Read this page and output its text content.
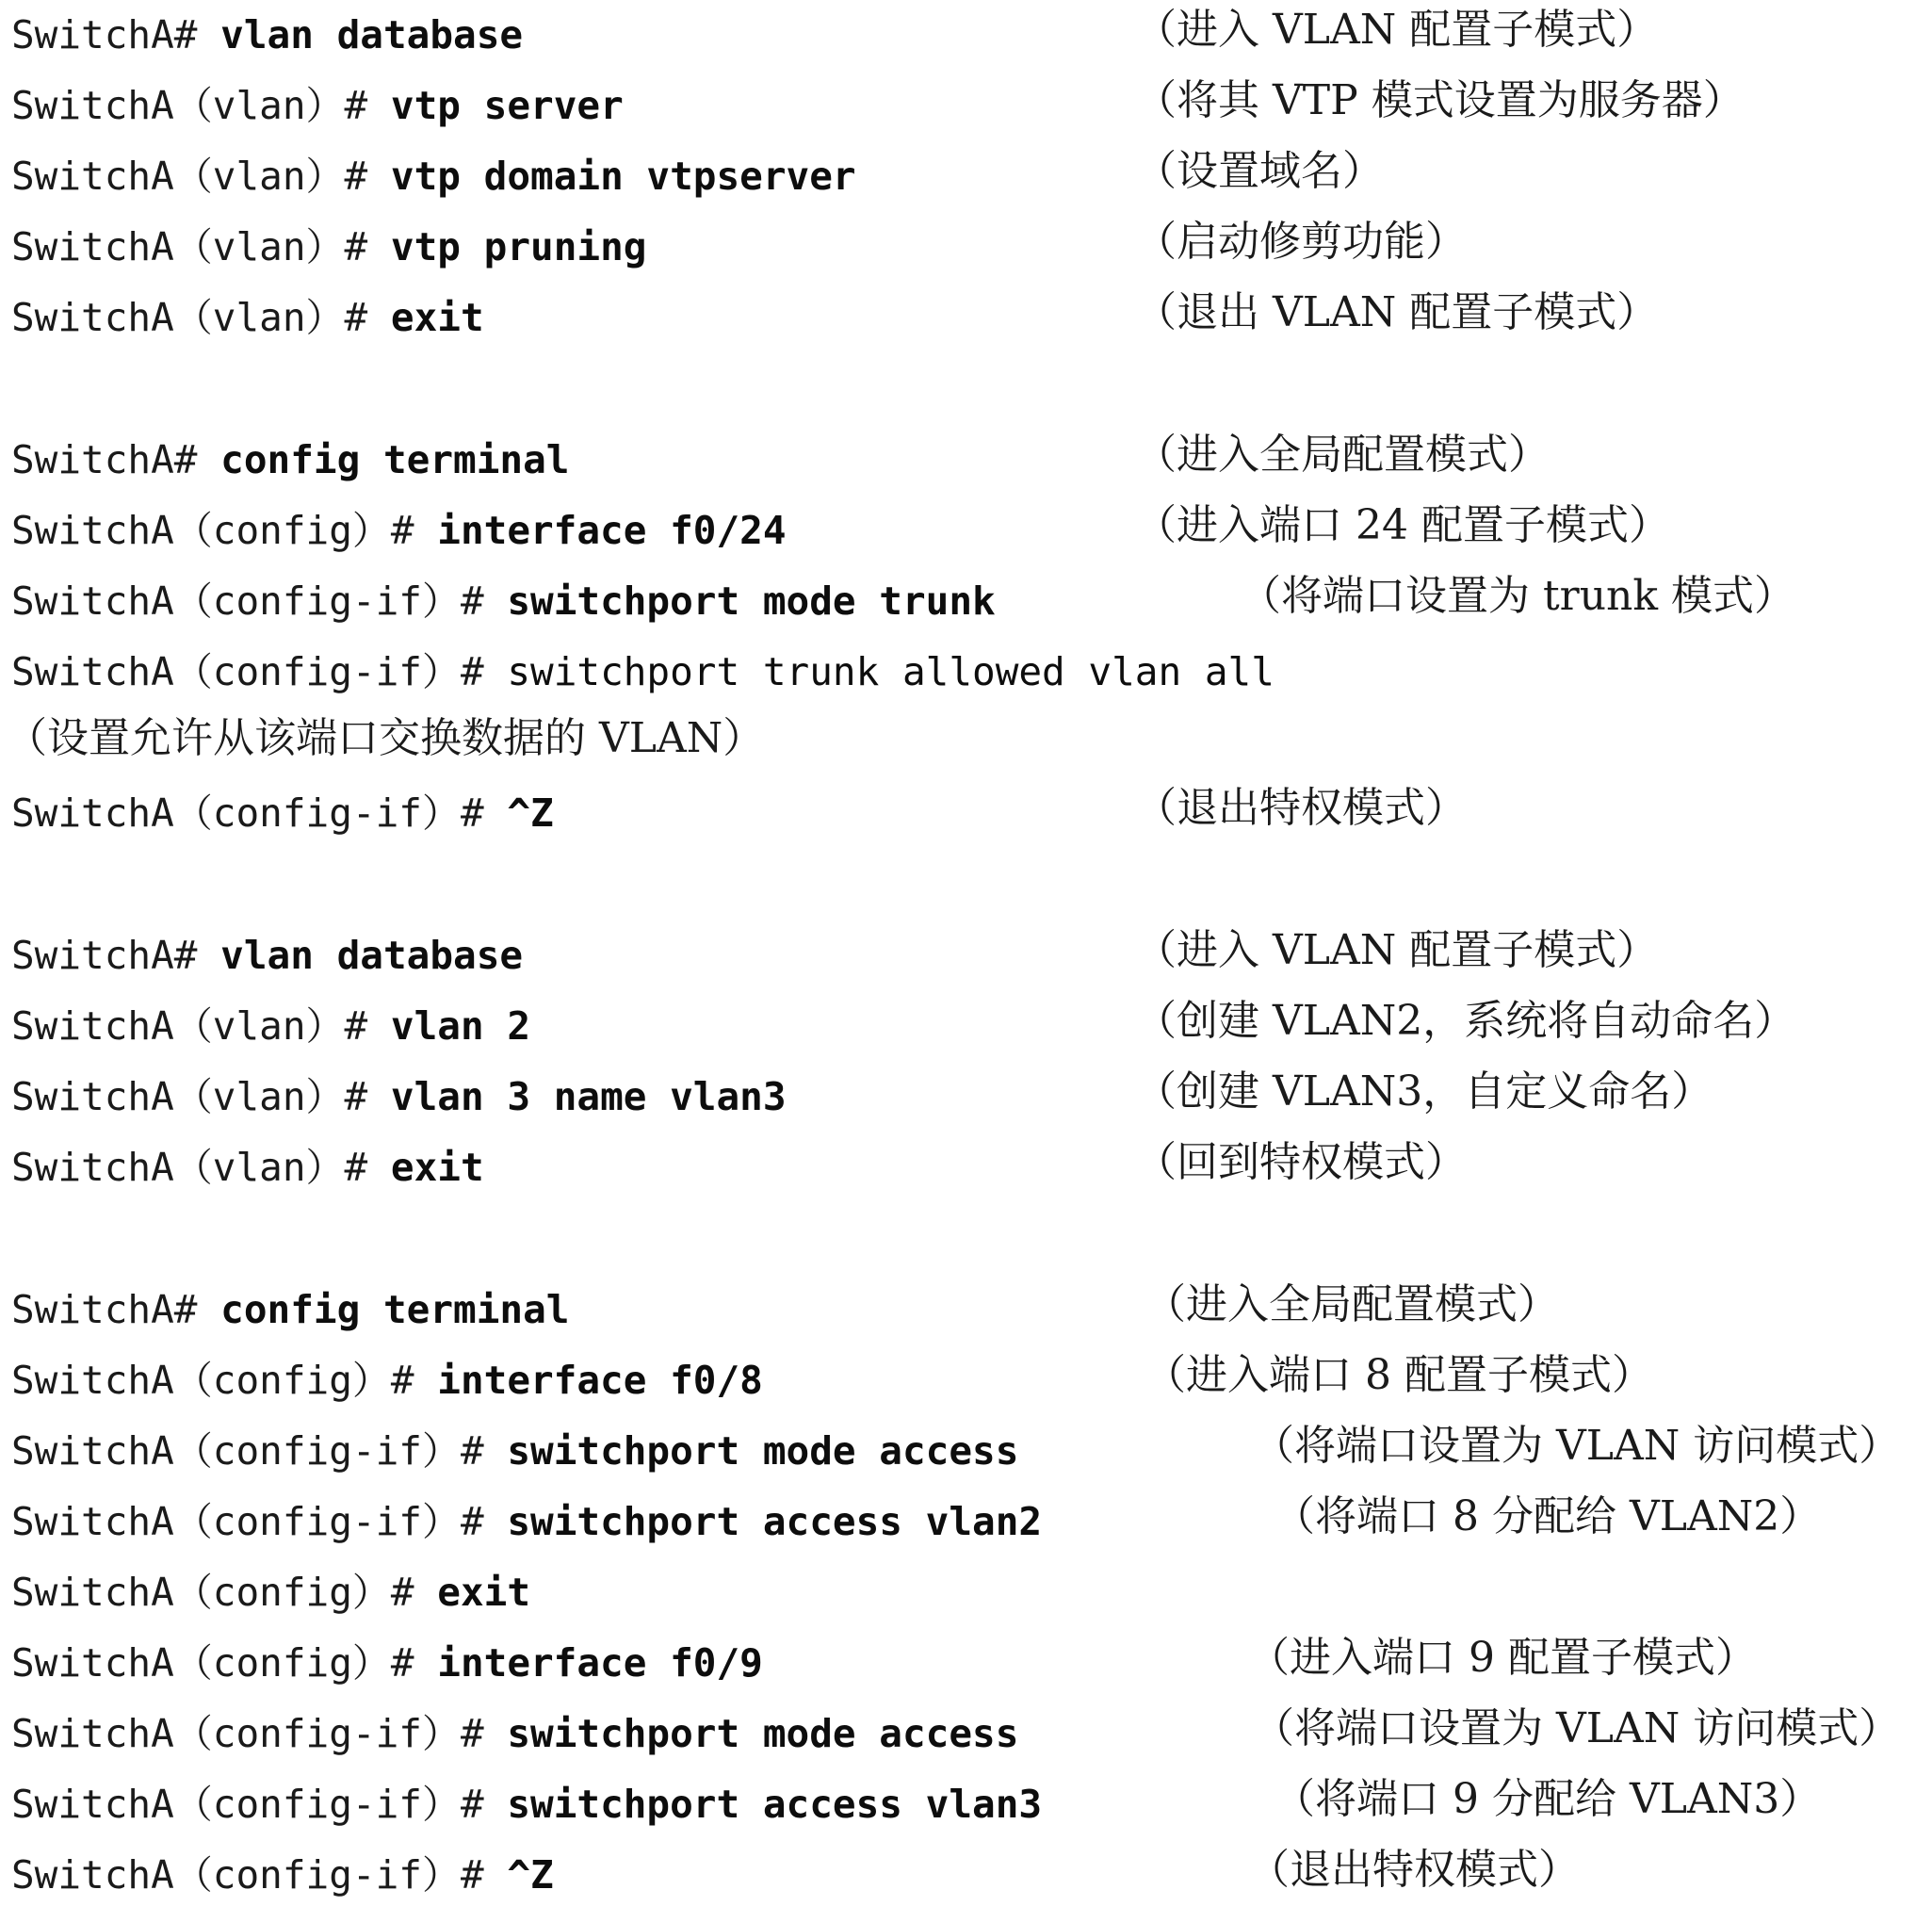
SwitchA# vlan database	（进入 VLAN 配置子模式）
SwitchA（vlan）# vtp server	（将其 VTP 模式设置为服务器）
SwitchA（vlan）# vtp domain vtpserver	（设置域名）
SwitchA（vlan）# vtp pruning	（启动修剪功能）
SwitchA（vlan）# exit	（退出 VLAN 配置子模式）
SwitchA# config terminal	（进入全局配置模式）
SwitchA（config）# interface f0/24	（进入端口 24 配置子模式）
SwitchA（config-if）# switchport mode trunk	（将端口设置为 trunk 模式）
SwitchA（config-if）# switchport trunk allowed vlan all
（设置允许从该端口交换数据的 VLAN）
SwitchA（config-if）# ^Z	（退出特权模式）
SwitchA# vlan database	（进入 VLAN 配置子模式）
SwitchA（vlan）# vlan 2	（创建 VLAN2，系统将自动命名）
SwitchA（vlan）# vlan 3 name vlan3	（创建 VLAN3，自定义命名）
SwitchA（vlan）# exit	（回到特权模式）
SwitchA# config terminal	（进入全局配置模式）
SwitchA（config）# interface f0/8	（进入端口 8 配置子模式）
SwitchA（config-if）# switchport mode access	（将端口设置为 VLAN 访问模式）
SwitchA（config-if）# switchport access vlan2	（将端口 8 分配给 VLAN2）
SwitchA（config）# exit
SwitchA（config）# interface f0/9	（进入端口 9 配置子模式）
SwitchA（config-if）# switchport mode access	（将端口设置为 VLAN 访问模式）
SwitchA（config-if）# switchport access vlan3	（将端口 9 分配给 VLAN3）
SwitchA（config-if）# ^Z	（退出特权模式）
